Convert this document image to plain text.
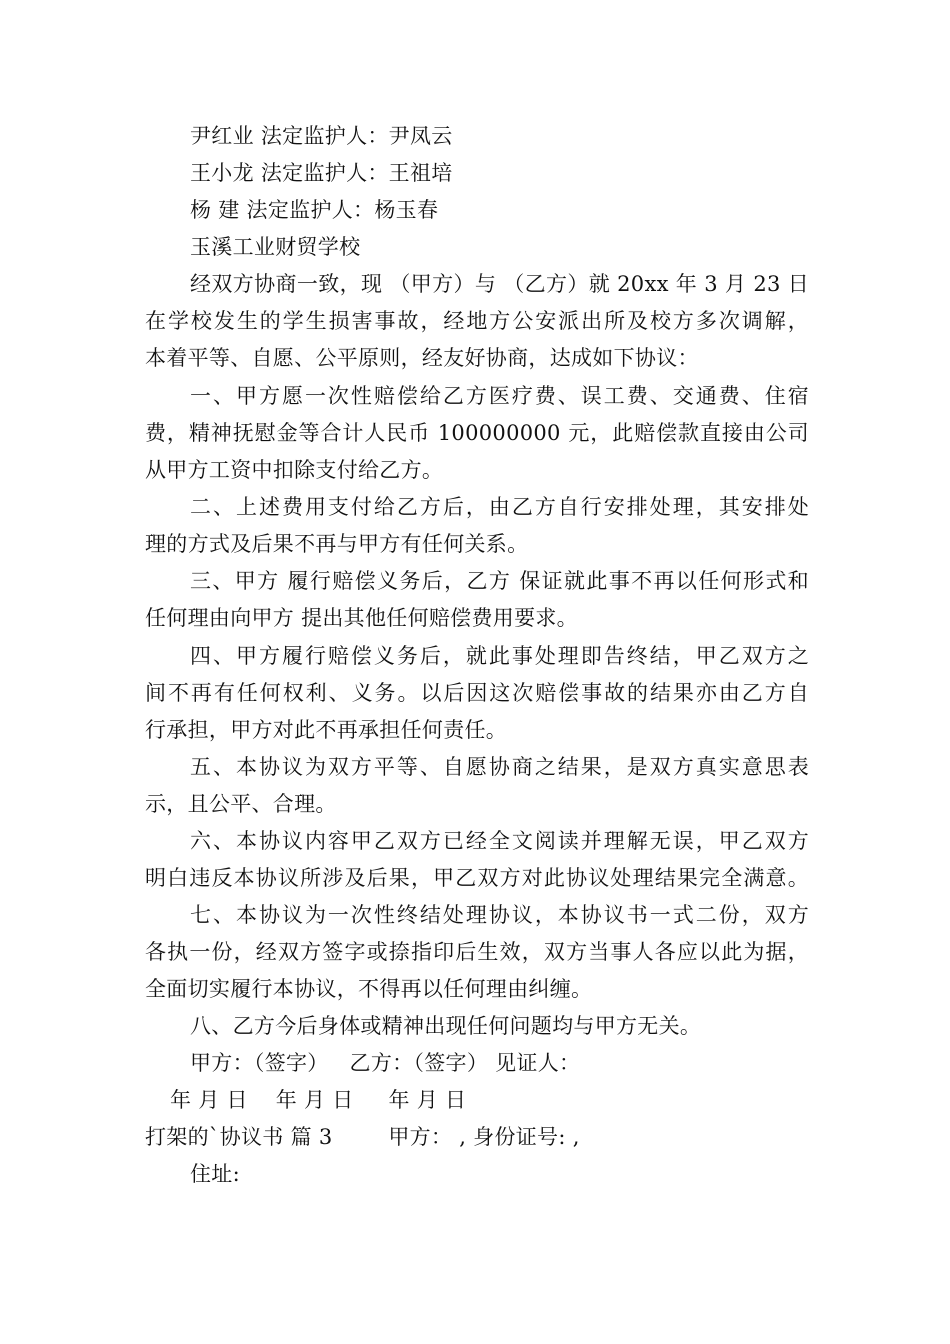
尹红业 法定监护人：尹凤云
王小龙 法定监护人：王祖培
杨 建 法定监护人：杨玉春
玉溪工业财贸学校
经双方协商一致，现 （甲方）与 （乙方）就 20xx 年 3 月 23 日
在学校发生的学生损害事故，经地方公安派出所及校方多次调解，
本着平等、自愿、公平原则，经友好协商，达成如下协议：
一、甲方愿一次性赔偿给乙方医疗费、误工费、交通费、住宿
费，精神抚慰金等合计人民币 100000000 元，此赔偿款直接由公司
从甲方工资中扣除支付给乙方。
二、上述费用支付给乙方后，由乙方自行安排处理，其安排处
理的方式及后果不再与甲方有任何关系。
三、甲方 履行赔偿义务后，乙方 保证就此事不再以任何形式和
任何理由向甲方 提出其他任何赔偿费用要求。
四、甲方履行赔偿义务后，就此事处理即告终结，甲乙双方之
间不再有任何权利、义务。以后因这次赔偿事故的结果亦由乙方自
行承担，甲方对此不再承担任何责任。
五、本协议为双方平等、自愿协商之结果，是双方真实意思表
示，且公平、合理。
六、本协议内容甲乙双方已经全文阅读并理解无误，甲乙双方
明白违反本协议所涉及后果，甲乙双方对此协议处理结果完全满意。
七、本协议为一次性终结处理协议，本协议书一式二份，双方
各执一份，经双方签字或捺指印后生效，双方当事人各应以此为据，
全面切实履行本协议，不得再以任何理由纠缠。
八、乙方今后身体或精神出现任何问题均与甲方无关。
甲方：（签字）   乙方：（签字） 见证人：
年 月 日    年 月 日     年 月 日
打架的`协议书 篇 3        甲方： , 身份证号: ,
住址:
